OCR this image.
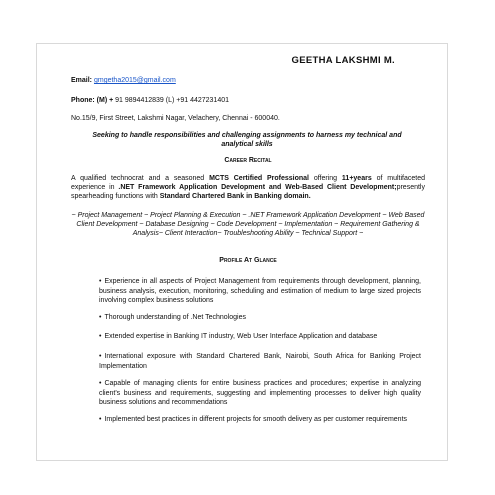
GEETHA LAKSHMI M.
Email: gmgetha2015@gmail.com
Phone: (M) + 91 9894412839 (L) +91 4427231401
No.15/9, First Street, Lakshmi Nagar, Velachery, Chennai - 600040.
Seeking to handle responsibilities and challenging assignments to harness my technical and analytical skills
Career Recital
A qualified technocrat and a seasoned MCTS Certified Professional offering 11+years of multifaceted experience in .NET Framework Application Development and Web-Based Client Development;presently spearheading functions with Standard Chartered Bank in Banking domain.
~ Project Management ~ Project Planning & Execution ~ .NET Framework Application Development ~ Web Based Client Development ~ Database Designing ~ Code Development ~ Implementation ~ Requirement Gathering & Analysis~ Client Interaction~ Troubleshooting Ability ~ Technical Support ~
Profile At Glance
• Experience in all aspects of Project Management from requirements through development, planning, business analysis, execution, monitoring, scheduling and estimation of medium to large sized projects involving complex business solutions
• Thorough understanding of .Net Technologies
• Extended expertise in Banking IT industry, Web User Interface Application and database
• International exposure with Standard Chartered Bank, Nairobi, South Africa for Banking Project Implementation
• Capable of managing clients for entire business practices and procedures; expertise in analyzing client's business and requirements, suggesting and implementing processes to deliver high quality business solutions and recommendations
• Implemented best practices in different projects for smooth delivery as per customer requirements
